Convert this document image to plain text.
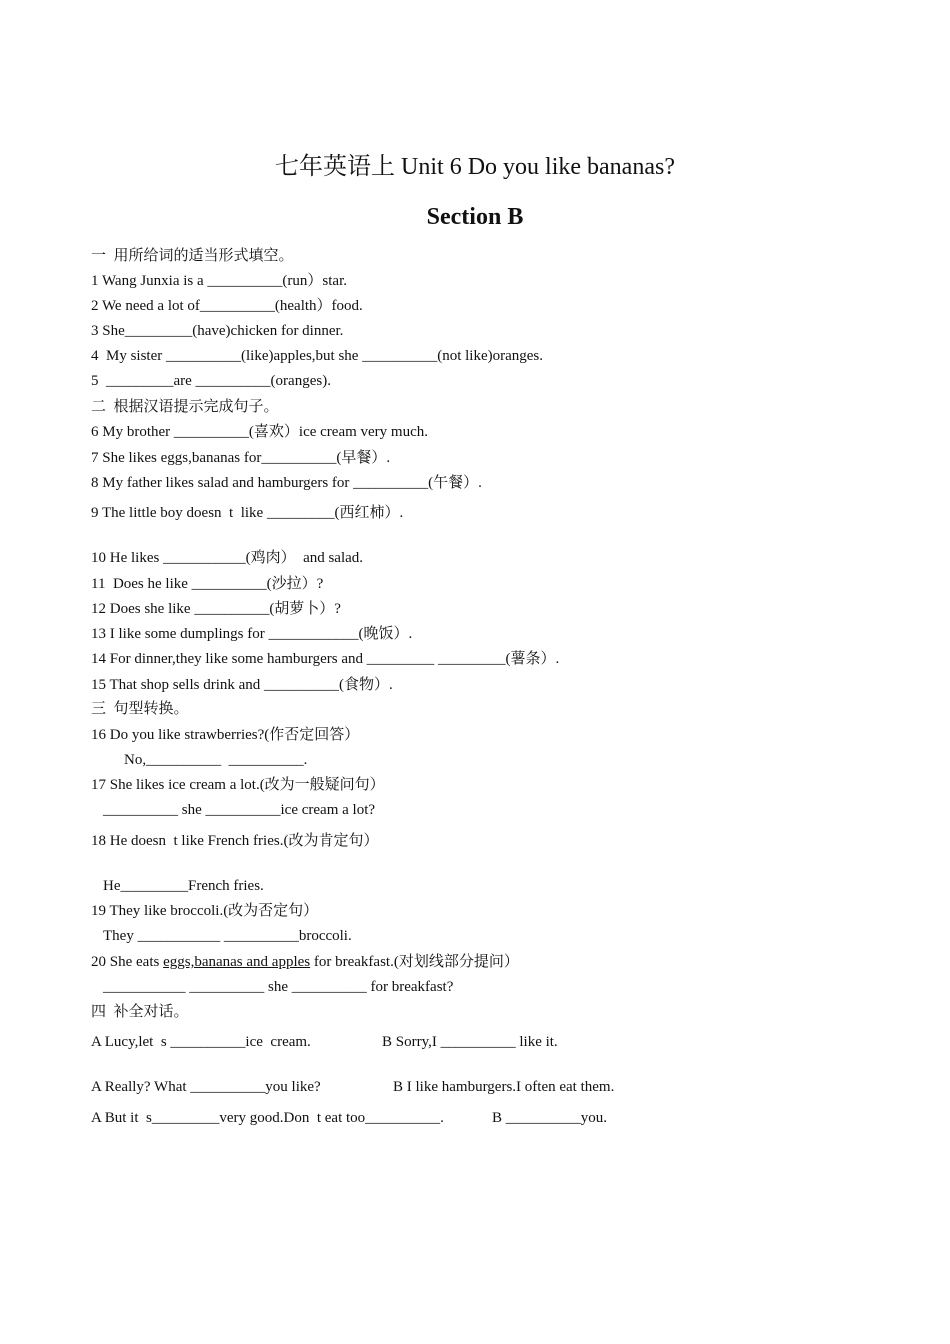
七年英语上 Unit 6 Do you like bananas?
Section B
一  用所给词的适当形式填空。
1 Wang Junxia is a __________(run）star.
2 We need a lot of__________(health）food.
3 She_________(have)chicken for dinner.
4  My sister __________(like)apples,but she __________(not like)oranges.
5  _________are __________(oranges).
二  根据汉语提示完成句子。
6 My brother __________(喜欢）ice cream very much.
7 She likes eggs,bananas for__________(早餐）.
8 My father likes salad and hamburgers for __________(午餐）.
9 The little boy doesn  t  like _________(西红柿）.
10 He likes ___________(鸡肉）  and salad.
11  Does he like __________(沙拉）?
12 Does she like __________(胡萝卜）?
13 I like some dumplings for ____________(晚饭）.
14 For dinner,they like some hamburgers and _________ _________(薯条）.
15 That shop sells drink and __________(食物）.
三  句型转换。
16 Do you like strawberries?(作否定回答）
No,__________  __________.
17 She likes ice cream a lot.(改为一般疑问句）
__________ she __________ice cream a lot?
18 He doesn  t like French fries.(改为肯定句）
He_________French fries.
19 They like broccoli.(改为否定句）
They ___________ __________broccoli.
20 She eats eggs,bananas and apples for breakfast.(对划线部分提问）
___________ __________ she __________ for breakfast?
四  补全对话。
A Lucy,let  s __________ice  cream.	B Sorry,I __________ like it.
A Really? What __________you like?	B I like hamburgers.I often eat them.
A But it  s_________very good.Don  t eat too__________.	B __________you.
